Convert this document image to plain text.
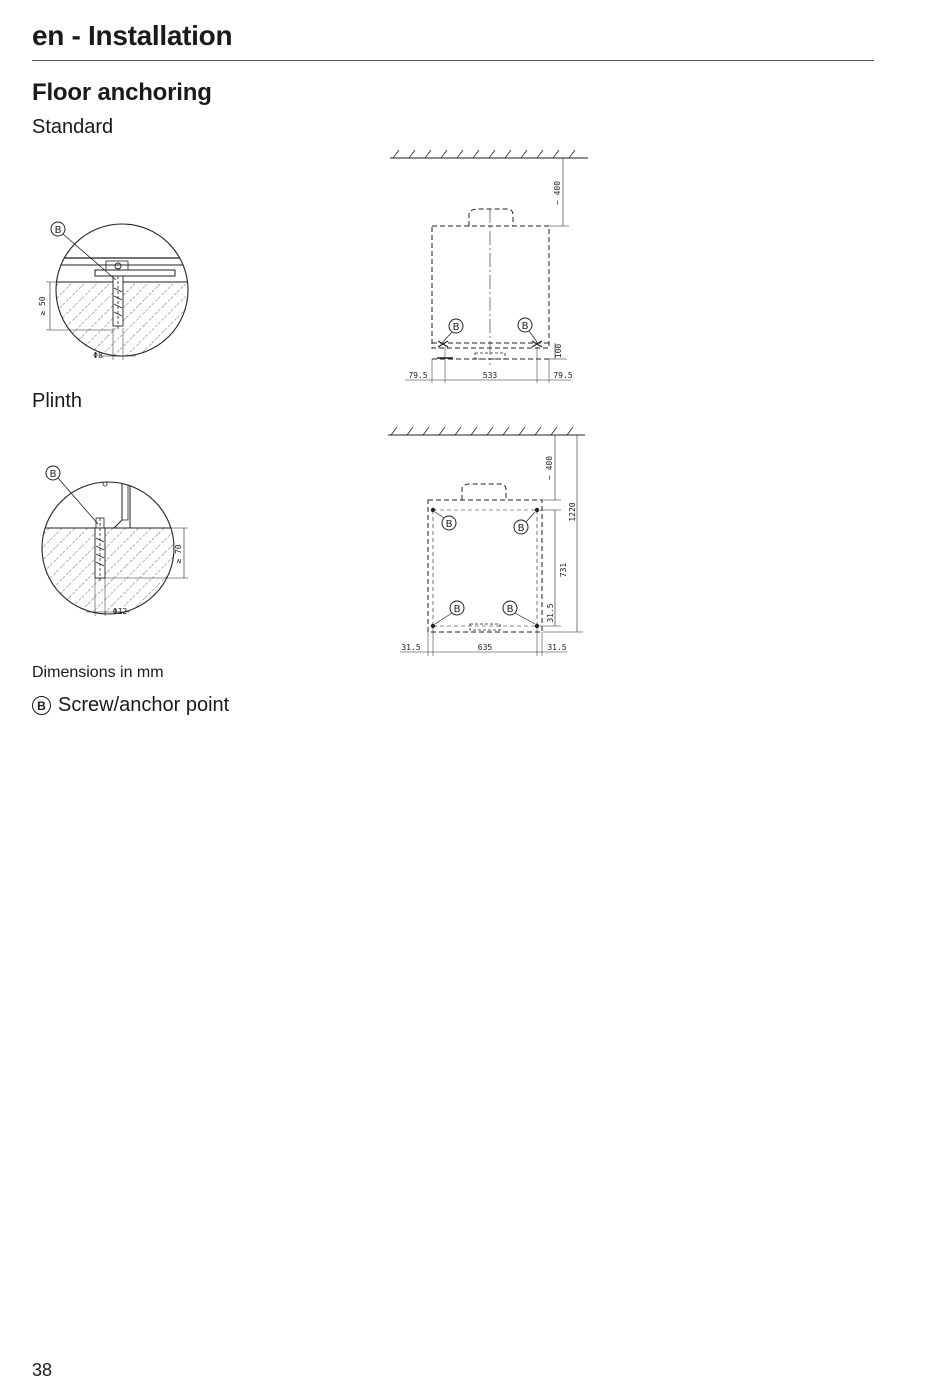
en - Installation
Floor anchoring
Standard
B
≥ 50
Φ8
~ 400
B	B
100
79.5	533	79.5
Plinth
B
≥ 70
Φ12
~ 400
1220
B	B
B	B
731
31.5
31.5	635	31.5
Dimensions in mm
B Screw/anchor point
38
